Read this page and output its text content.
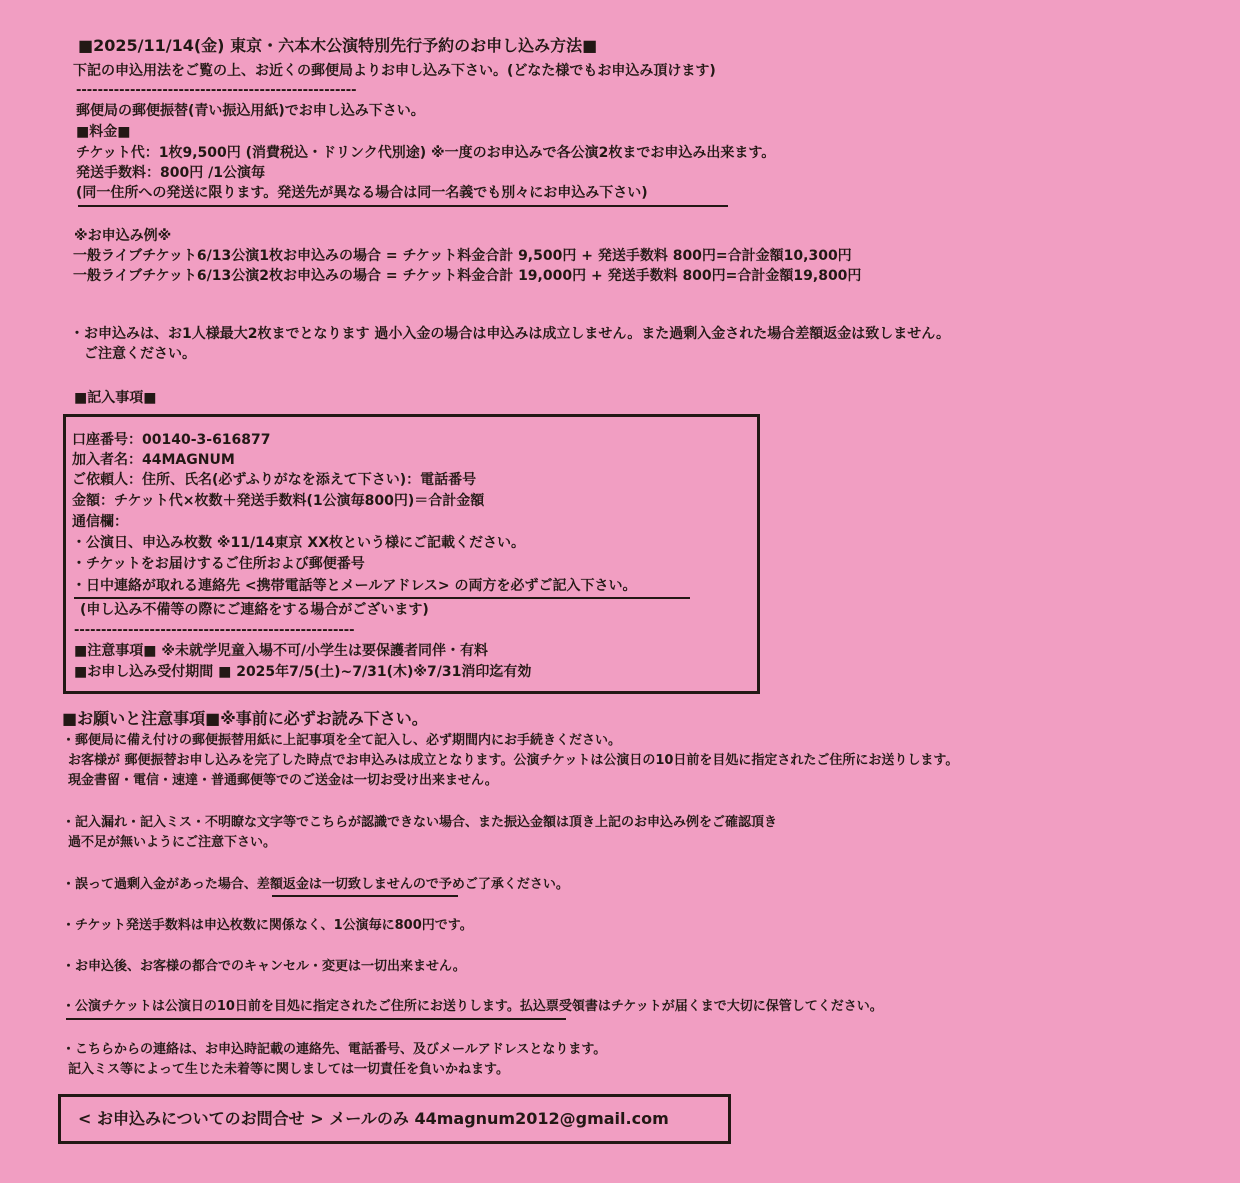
■2025/11/14(金) 東京・六本木公演特別先行予約のお申し込み方法■
下記の申込用法をご覧の上、お近くの郵便局よりお申し込み下さい。(どなた様でもお申込み頂けます)
----------------------------------------------------
郵便局の郵便振替(青い振込用紙)でお申し込み下さい。
■料金■
チケット代：1枚9,500円 (消費税込・ドリンク代別途) ※一度のお申込みで各公演2枚までお申込み出来ます。
発送手数料：800円 /1公演毎
(同一住所への発送に限ります。発送先が異なる場合は同一名義でも別々にお申込み下さい)
※お申込み例※
一般ライブチケット6/13公演1枚お申込みの場合 = チケット料金合計 9,500円 + 発送手数料 800円=合計金額10,300円
一般ライブチケット6/13公演2枚お申込みの場合 = チケット料金合計 19,000円 + 発送手数料 800円=合計金額19,800円
・お申込みは、お1人様最大2枚までとなります 過小入金の場合は申込みは成立しません。また過剰入金された場合差額返金は致しません。
ご注意ください。
■記入事項■
口座番号：00140-3-616877
加入者名：44MAGNUM
ご依頼人：住所、氏名(必ずふりがなを添えて下さい)：電話番号
金額：チケット代×枚数＋発送手数料(1公演毎800円)＝合計金額
通信欄：
・公演日、申込み枚数 ※11/14東京 XX枚という様にご記載ください。
・チケットをお届けするご住所および郵便番号
・日中連絡が取れる連絡先 <携帯電話等とメールアドレス> の両方を必ずご記入下さい。
(申し込み不備等の際にご連絡をする場合がございます)
----------------------------------------------------
■注意事項■ ※未就学児童入場不可/小学生は要保護者同伴・有料
■お申し込み受付期間 ■ 2025年7/5(土)~7/31(木)※7/31消印迄有効
■お願いと注意事項■※事前に必ずお読み下さい。
・郵便局に備え付けの郵便振替用紙に上記事項を全て記入し、必ず期間内にお手続きください。
お客様が 郵便振替お申し込みを完了した時点でお申込みは成立となります。公演チケットは公演日の10日前を目処に指定されたご住所にお送りします。
現金書留・電信・速達・普通郵便等でのご送金は一切お受け出来ません。
・記入漏れ・記入ミス・不明瞭な文字等でこちらが認識できない場合、また振込金額は頂き上記のお申込み例をご確認頂き
過不足が無いようにご注意下さい。
・誤って過剰入金があった場合、差額返金は一切致しませんので予めご了承ください。
・チケット発送手数料は申込枚数に関係なく、1公演毎に800円です。
・お申込後、お客様の都合でのキャンセル・変更は一切出来ません。
・公演チケットは公演日の10日前を目処に指定されたご住所にお送りします。払込票受領書はチケットが届くまで大切に保管してください。
・こちらからの連絡は、お申込時記載の連絡先、電話番号、及びメールアドレスとなります。
記入ミス等によって生じた未着等に関しましては一切責任を負いかねます。
< お申込みについてのお問合せ > メールのみ 44magnum2012@gmail.com
